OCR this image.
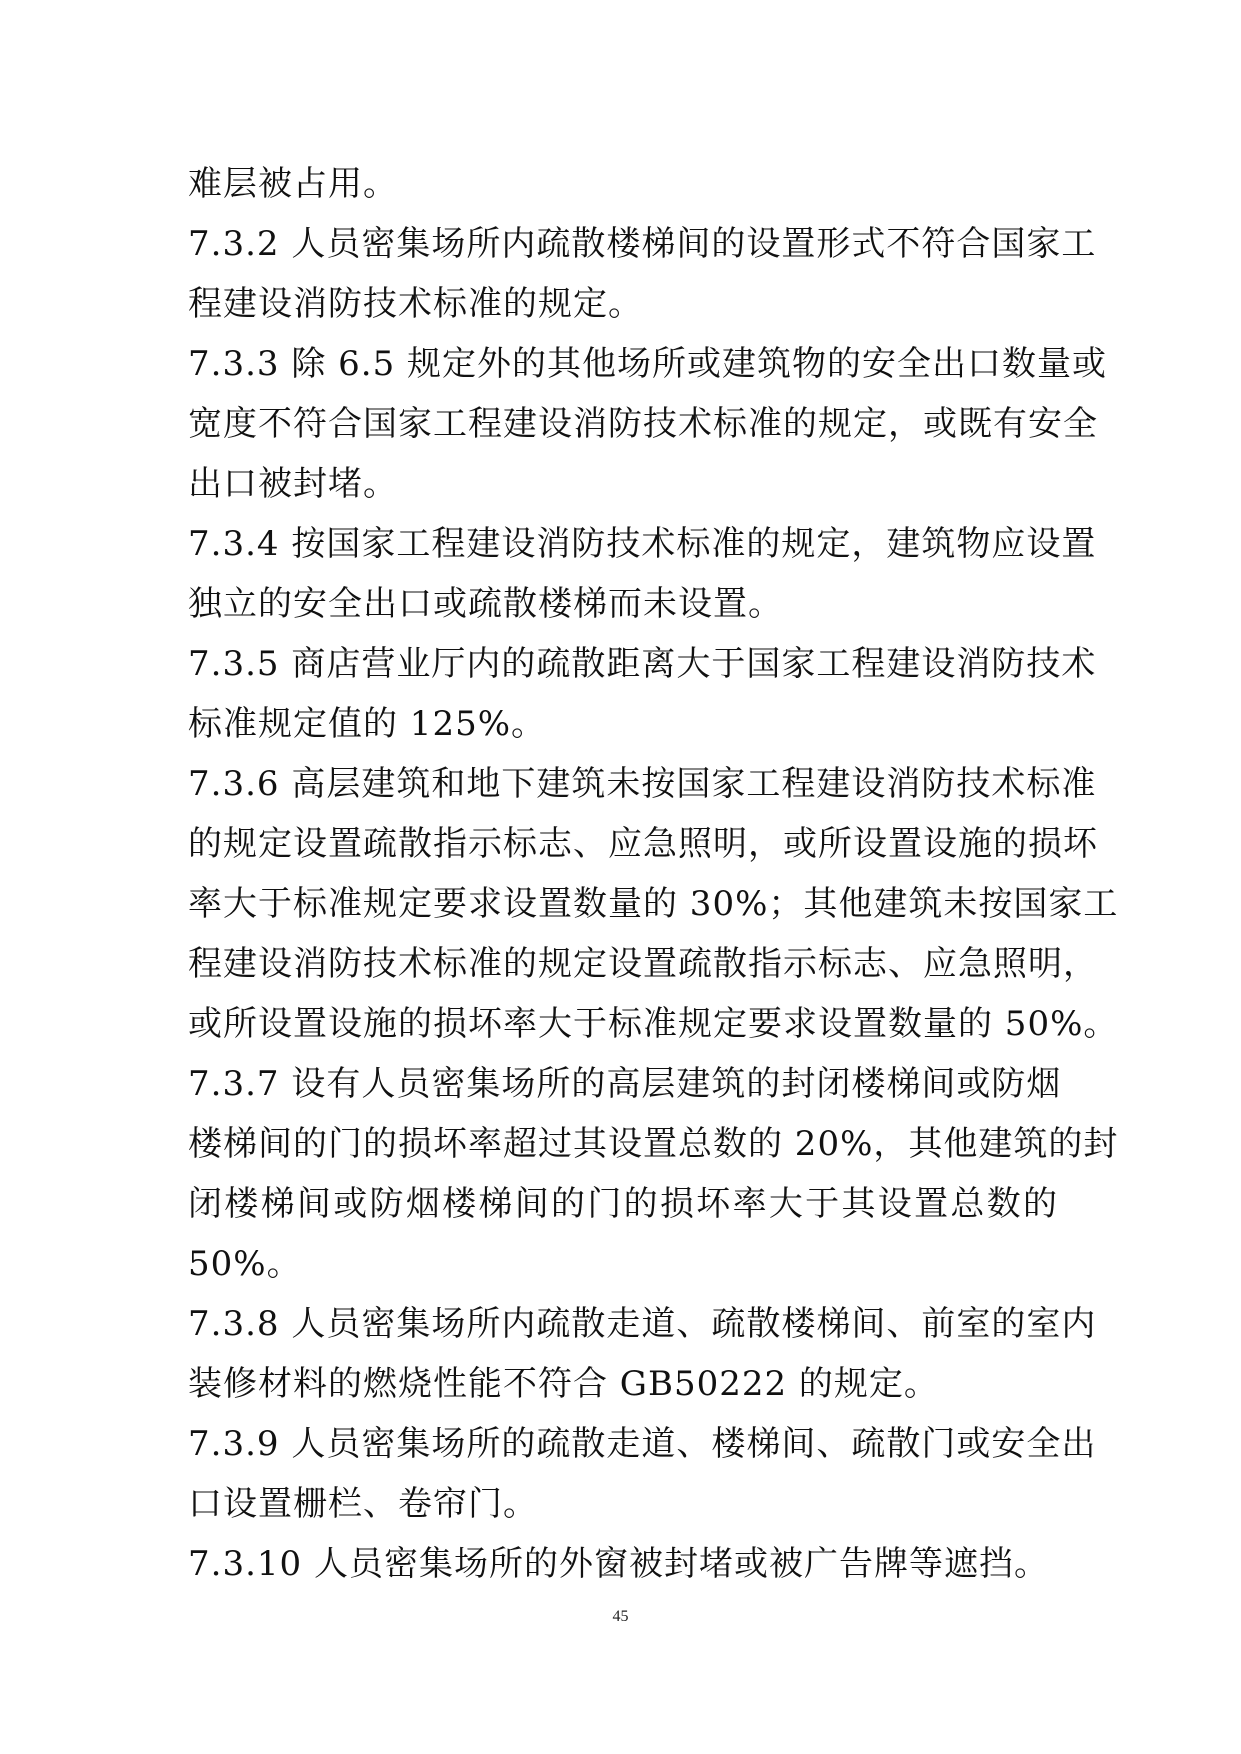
难层被占用。
7.3.2 人员密集场所内疏散楼梯间的设置形式不符合国家工
程建设消防技术标准的规定。
7.3.3 除 6.5 规定外的其他场所或建筑物的安全出口数量或
宽度不符合国家工程建设消防技术标准的规定，或既有安全
出口被封堵。
7.3.4 按国家工程建设消防技术标准的规定，建筑物应设置
独立的安全出口或疏散楼梯而未设置。
7.3.5 商店营业厅内的疏散距离大于国家工程建设消防技术
标准规定值的 125%。
7.3.6 高层建筑和地下建筑未按国家工程建设消防技术标准
的规定设置疏散指示标志、应急照明，或所设置设施的损坏
率大于标准规定要求设置数量的 30%；其他建筑未按国家工
程建设消防技术标准的规定设置疏散指示标志、应急照明，
或所设置设施的损坏率大于标准规定要求设置数量的 50%。
7.3.7 设有人员密集场所的高层建筑的封闭楼梯间或防烟
楼梯间的门的损坏率超过其设置总数的 20%，其他建筑的封
闭楼梯间或防烟楼梯间的门的损坏率大于其设置总数的
50%。
7.3.8 人员密集场所内疏散走道、疏散楼梯间、前室的室内
装修材料的燃烧性能不符合 GB50222 的规定。
7.3.9 人员密集场所的疏散走道、楼梯间、疏散门或安全出
口设置栅栏、卷帘门。
7.3.10 人员密集场所的外窗被封堵或被广告牌等遮挡。
45
